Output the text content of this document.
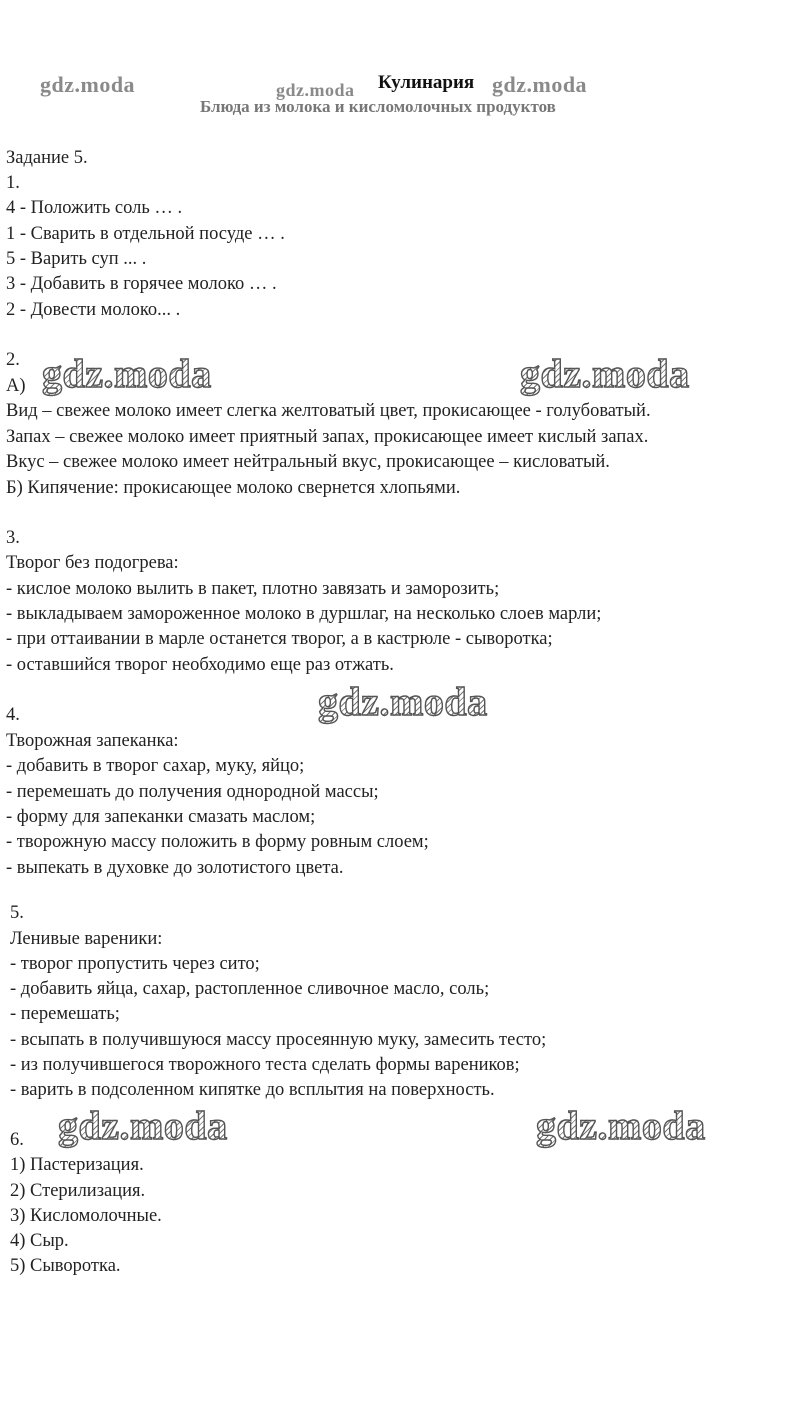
Кулинария
Блюда из молока и кисломолочных продуктов
gdz.moda	gdz.moda	gdz.moda
Задание 5.
1.
4 - Положить соль … .
1 - Сварить в отдельной посуде … .
5 - Варить суп ... .
3 - Добавить в горячее молоко … .
2 - Довести молоко... .
2.
А) gdz.moda	gdz.moda
Вид – свежее молоко имеет слегка желтоватый цвет, прокисающее - голубоватый.
Запах – свежее молоко имеет приятный запах, прокисающее имеет кислый запах.
Вкус – свежее молоко имеет нейтральный вкус, прокисающее – кисловатый.
Б) Кипячение: прокисающее молоко свернется хлопьями.
3.
Творог без подогрева:
- кислое молоко вылить в пакет, плотно завязать и заморозить;
- выкладываем замороженное молоко в дуршлаг, на несколько слоев марли;
- при оттаивании в марле останется творог, а в кастрюле - сыворотка;
- оставшийся творог необходимо еще раз отжать.
gdz.moda
4.
Творожная запеканка:
- добавить в творог сахар, муку, яйцо;
- перемешать до получения однородной массы;
- форму для запеканки смазать маслом;
- творожную массу положить в форму ровным слоем;
- выпекать в духовке до золотистого цвета.
5.
Ленивые вареники:
- творог пропустить через сито;
- добавить яйца, сахар, растопленное сливочное масло, соль;
- перемешать;
- всыпать в получившуюся массу просеянную муку, замесить тесто;
- из получившегося творожного теста сделать формы вареников;
- варить в подсоленном кипятке до всплытия на поверхность.
gdz.moda	gdz.moda
6.
1) Пастеризация.
2) Стерилизация.
3) Кисломолочные.
4) Сыр.
5) Сыворотка.
